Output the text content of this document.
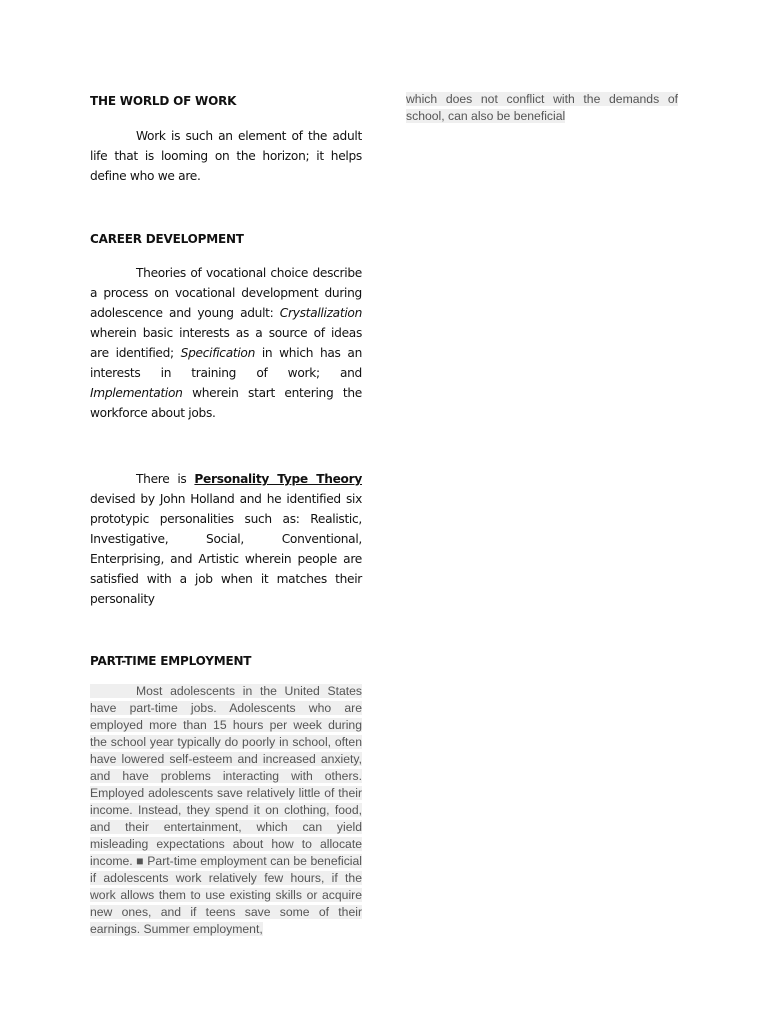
THE WORLD OF WORK

Work is such an element of the adult life that is looming on the horizon; it helps define who we are.

CAREER DEVELOPMENT

Theories of vocational choice describe a process on vocational development during adolescence and young adult: Crystallization wherein basic interests as a source of ideas are identified; Specification in which has an interests in training of work; and Implementation wherein start entering the workforce about jobs.

There is Personality Type Theory devised by John Holland and he identified six prototypic personalities such as: Realistic, Investigative, Social, Conventional, Enterprising, and Artistic wherein people are satisfied with a job when it matches their personality

PART-TIME EMPLOYMENT

Most adolescents in the United States have part-time jobs. Adolescents who are employed more than 15 hours per week during the school year typically do poorly in school, often have lowered self-esteem and increased anxiety, and have problems interacting with others. Employed adolescents save relatively little of their income. Instead, they spend it on clothing, food, and their entertainment, which can yield misleading expectations about how to allocate income. ■ Part-time employment can be beneficial if adolescents work relatively few hours, if the work allows them to use existing skills or acquire new ones, and if teens save some of their earnings. Summer employment,

which does not conflict with the demands of school, can also be beneficial
